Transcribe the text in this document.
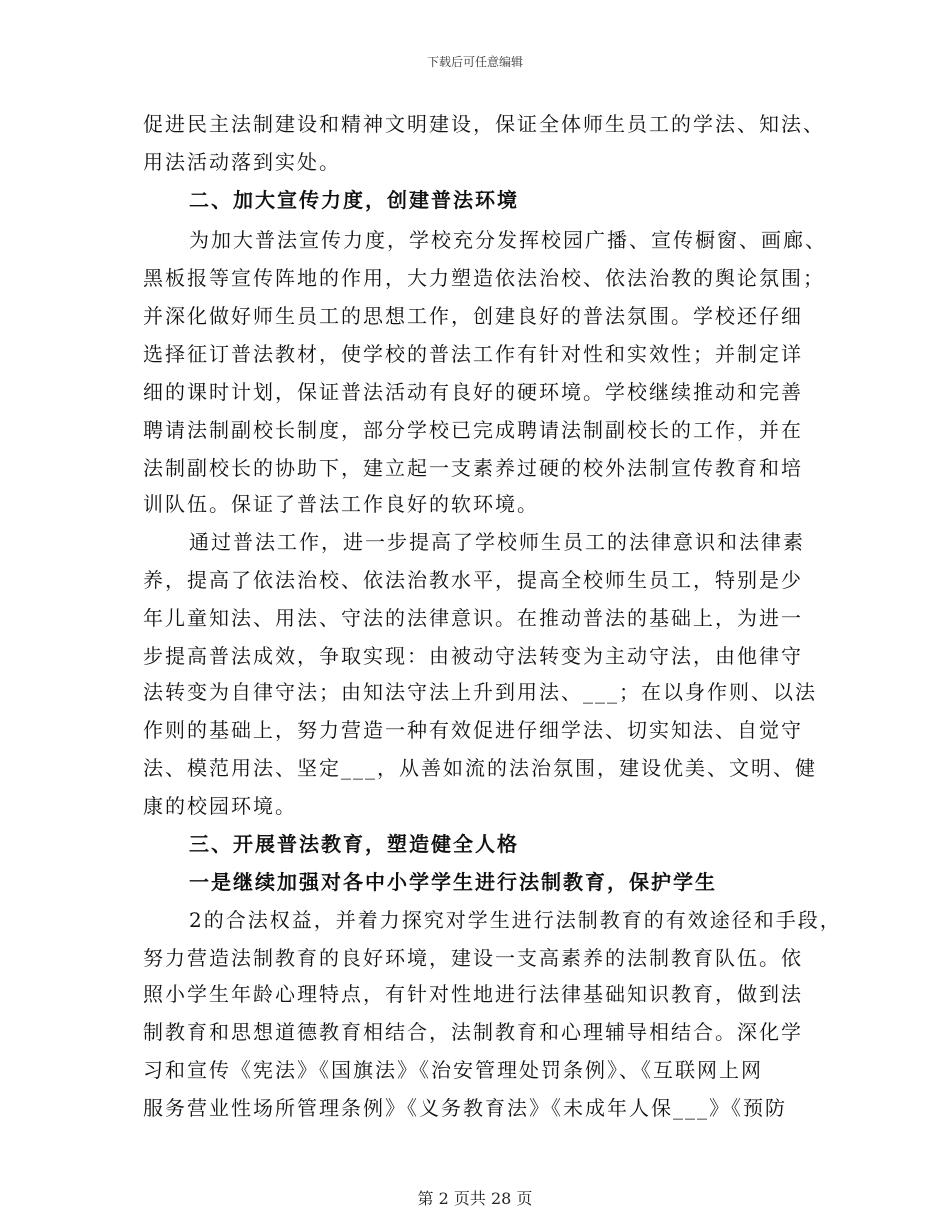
下载后可任意编辑
促进民主法制建设和精神文明建设，保证全体师生员工的学法、知法、
用法活动落到实处。
二、加大宣传力度，创建普法环境
为加大普法宣传力度，学校充分发挥校园广播、宣传橱窗、画廊、
黑板报等宣传阵地的作用，大力塑造依法治校、依法治教的舆论氛围；
并深化做好师生员工的思想工作，创建良好的普法氛围。学校还仔细
选择征订普法教材，使学校的普法工作有针对性和实效性；并制定详
细的课时计划，保证普法活动有良好的硬环境。学校继续推动和完善
聘请法制副校长制度，部分学校已完成聘请法制副校长的工作，并在
法制副校长的协助下，建立起一支素养过硬的校外法制宣传教育和培
训队伍。保证了普法工作良好的软环境。
通过普法工作，进一步提高了学校师生员工的法律意识和法律素
养，提高了依法治校、依法治教水平，提高全校师生员工，特别是少
年儿童知法、用法、守法的法律意识。在推动普法的基础上，为进一
步提高普法成效，争取实现：由被动守法转变为主动守法，由他律守
法转变为自律守法；由知法守法上升到用法、___；在以身作则、以法
作则的基础上，努力营造一种有效促进仔细学法、切实知法、自觉守
法、模范用法、坚定___，从善如流的法治氛围，建设优美、文明、健
康的校园环境。
三、开展普法教育，塑造健全人格
一是继续加强对各中小学学生进行法制教育，保护学生
2的合法权益，并着力探究对学生进行法制教育的有效途径和手段，
努力营造法制教育的良好环境，建设一支高素养的法制教育队伍。依
照小学生年龄心理特点，有针对性地进行法律基础知识教育，做到法
制教育和思想道德教育相结合，法制教育和心理辅导相结合。深化学
习和宣传《宪法》《国旗法》《治安管理处罚条例》、《互联网上网
服务营业性场所管理条例》《义务教育法》《未成年人保___》《预防
第 2 页共 28 页
